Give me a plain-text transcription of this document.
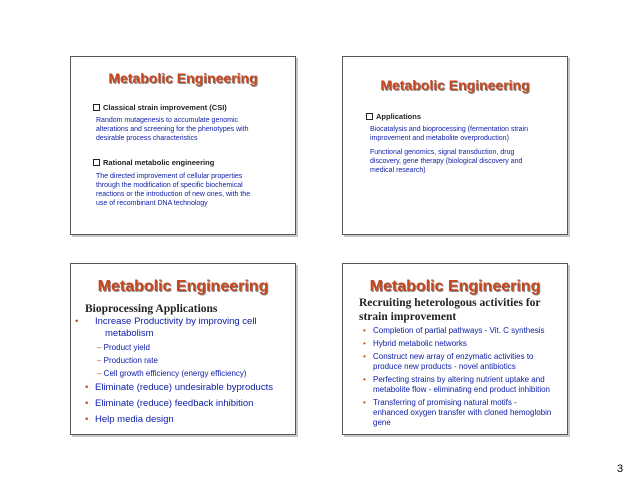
Metabolic Engineering
Classical strain improvement (CSI)
Random mutagenesis to accumulate genomic
alterations and screening for the phenotypes with
desirable process characteristics
Rational metabolic engineering
The directed improvement of cellular properties
through the modification of specific biochemical
reactions or the introduction of new ones, with the
use of recombinant DNA technology
Metabolic Engineering
Applications
Biocatalysis and bioprocessing (fermentation strain
improvement and metabolite overproduction)
Functional genomics, signal transduction, drug
discovery, gene therapy (biological discovery and
medical research)
Metabolic Engineering
Bioprocessing Applications
• Increase Productivity by improving cell
metabolism
– Product yield
– Production rate
– Cell growth efficiency (energy efficiency)
• Eliminate (reduce) undesirable byproducts
• Eliminate (reduce) feedback inhibition
• Help media design
Metabolic Engineering
Recruiting heterologous activities for
strain improvement
• Completion of partial pathways - Vit. C synthesis
• Hybrid metabolic networks
• Construct new array of enzymatic activities to
produce new products - novel antibiotics
• Perfecting strains by altering nutrient uptake and
metabolite flow - eliminating end product inhibition
• Transferring of promising natural motifs -
enhanced oxygen transfer with cloned hemoglobin
gene
3
